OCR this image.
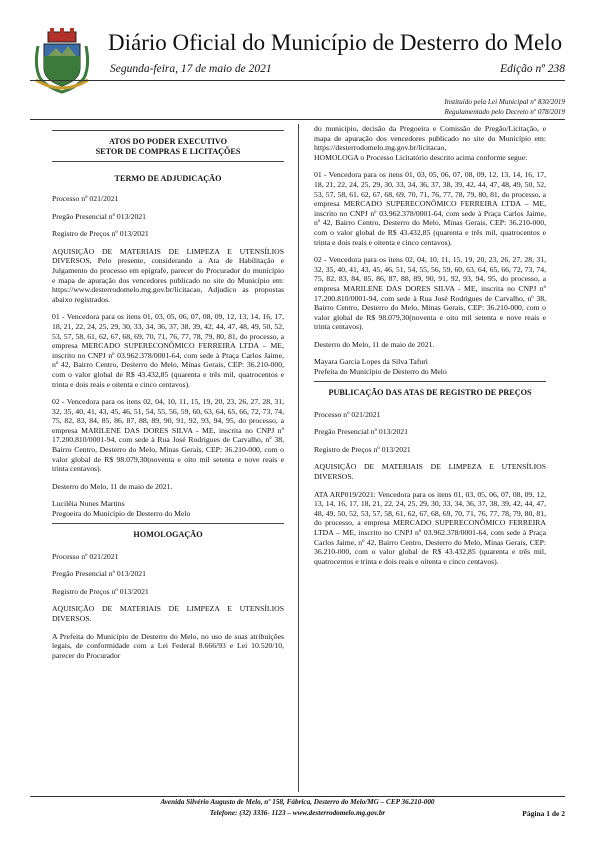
Diário Oficial do Município de Desterro do Melo
Segunda-feira, 17 de maio de 2021	Edição nº 238
Instituído pela Lei Municipal nº 830/2019
Regulamentado pelo Decreto nº 078/2019
ATOS DO PODER EXECUTIVO
SETOR DE COMPRAS E LICITAÇÕES
TERMO DE ADJUDICAÇÃO

Processo nº 021/2021

Pregão Presencial nº 013/2021

Registro de Preços nº 013/2021

AQUISIÇÃO DE MATERIAIS DE LIMPEZA E UTENSÍLIOS DIVERSOS, Pelo presente, considerando a Ata de Habilitação e Julgamento do processo em epígrafe, parecer do Procurador do município e mapa de apuração dos vencedores publicado no site do Município em: https://www.desterrodomelo.mg.gov.br/licitacao, Adjudico as propostas abaixo registrados.

01 - Vencedora para os itens 01, 03, 05, 06, 07, 08, 09, 12, 13, 14, 16, 17, 18, 21, 22, 24, 25, 29, 30, 33, 34, 36, 37, 38, 39, 42, 44, 47, 48, 49, 50, 52, 53, 57, 58, 61, 62, 67, 68, 69, 70, 71, 76, 77, 78, 79, 80, 81, do processo, a empresa MERCADO SUPERECONÔMICO FERREIRA LTDA – ME, inscrito no CNPJ nº 03.962.378/0001-64, com sede à Praça Carlos Jaime, nº 42, Bairro Centro, Desterro do Melo, Minas Gerais, CEP: 36.210-000, com o valor global de R$ 43.432,85 (quarenta e três mil, quatrocentos e trinta e dois reais e oitenta e cinco centavos).

02 - Vencedora para os itens 02, 04, 10, 11, 15, 19, 20, 23, 26, 27, 28, 31, 32, 35, 40, 41, 43, 45, 46, 51, 54, 55, 56, 59, 60, 63, 64, 65, 66, 72, 73, 74, 75, 82, 83, 84, 85, 86, 87, 88, 89, 90, 91, 92, 93, 94, 95, do processo, a empresa MARILENE DAS DORES SILVA - ME, inscrita no CNPJ nº 17.200.810/0001-94, com sede à Rua José Rodrigues de Carvalho, nº 38, Bairro Centro, Desterro do Melo, Minas Gerais, CEP: 36.210-000, com o valor global de R$ 98.079,30(noventa e oito mil setenta e nove reais e trinta centavos).

Desterro do Melo, 11 de maio de 2021.

Lucilêia Nunes Martins

Pregoeira do Município de Desterro do Melo

HOMOLOGAÇÃO

Processo nº 021/2021

Pregão Presencial nº 013/2021

Registro de Preços nº 013/2021

AQUISIÇÃO DE MATERIAIS DE LIMPEZA E UTENSÍLIOS DIVERSOS.

A Prefeita do Município de Desterro do Melo, no uso de suas atribuições legais, de conformidade com a Lei Federal 8.666/93 e Lei 10.520/10, parecer do Procurador

do município, decisão da Pregoeira e Comissão de Pregão/Licitação, e mapa de apuração dos vencedores publicado no site do Município em: https://desterrodomelo.mg.gov.br/licitacao,

HOMOLOGA o Processo Licitatório descrito acima conforme segue:

01 - Vencedora para os itens 01, 03, 05, 06, 07, 08, 09, 12, 13, 14, 16, 17, 18, 21, 22, 24, 25, 29, 30, 33, 34, 36, 37, 38, 39, 42, 44, 47, 48, 49, 50, 52, 53, 57, 58, 61, 62, 67, 68, 69, 70, 71, 76, 77, 78, 79, 80, 81, do processo, a empresa MERCADO SUPERECONÔMICO FERREIRA LTDA – ME, inscrito no CNPJ nº 03.962.378/0001-64, com sede à Praça Carlos Jaime, nº 42, Bairro Centro, Desterro do Melo, Minas Gerais, CEP: 36.210-000, com o valor global de R$ 43.432,85 (quarenta e três mil, quatrocentos e trinta e dois reais e oitenta e cinco centavos).

02 - Vencedora para os itens 02, 04, 10, 11, 15, 19, 20, 23, 26, 27, 28, 31, 32, 35, 40, 41, 43, 45, 46, 51, 54, 55, 56, 59, 60, 63, 64, 65, 66, 72, 73, 74, 75, 82, 83, 84, 85, 86, 87, 88, 89, 90, 91, 92, 93, 94, 95, do processo, a empresa MARILENE DAS DORES SILVA - ME, inscrita no CNPJ nº 17.200.810/0001-94, com sede à Rua José Rodrigues de Carvalho, nº 38, Bairro Centro, Desterro do Melo, Minas Gerais, CEP: 36.210-000, com o valor global de R$ 98.079,30(noventa e oito mil setenta e nove reais e trinta centavos).

Desterro do Melo, 11 de maio de 2021.

Mayara Garcia Lopes da Silva Tafuri

Prefeita do Município de Desterro do Melo

PUBLICAÇÃO DAS ATAS DE REGISTRO DE PREÇOS

Processo nº 021/2021

Pregão Presencial nº 013/2021

Registro de Preços nº 013/2021

AQUISIÇÃO DE MATERIAIS DE LIMPEZA E UTENSÍLIOS DIVERSOS.

ATA ARP019/2021: Vencedora para os itens 01, 03, 05, 06, 07, 08, 09, 12, 13, 14, 16, 17, 18, 21, 22, 24, 25, 29, 30, 33, 34, 36, 37, 38, 39, 42, 44, 47, 48, 49, 50, 52, 53, 57, 58, 61, 62, 67, 68, 69, 70, 71, 76, 77, 78, 79, 80, 81, do processo, a empresa MERCADO SUPERECONÔMICO FERREIRA LTDA – ME, inscrito no CNPJ nº 03.962.378/0001-64, com sede à Praça Carlos Jaime, nº 42, Bairro Centro, Desterro do Melo, Minas Gerais, CEP: 36.210-000, com o valor global de R$ 43.432,85 (quarenta e três mil, quatrocentos e trinta e dois reais e oitenta e cinco centavos).

Avenida Silvério Augusto de Melo, nº 158, Fábrica, Desterro do Melo/MG – CEP 36.210-000
Telefone: (32) 3336- 1123 – www.desterrodomelo.mg.gov.br	Página 1 de 2
